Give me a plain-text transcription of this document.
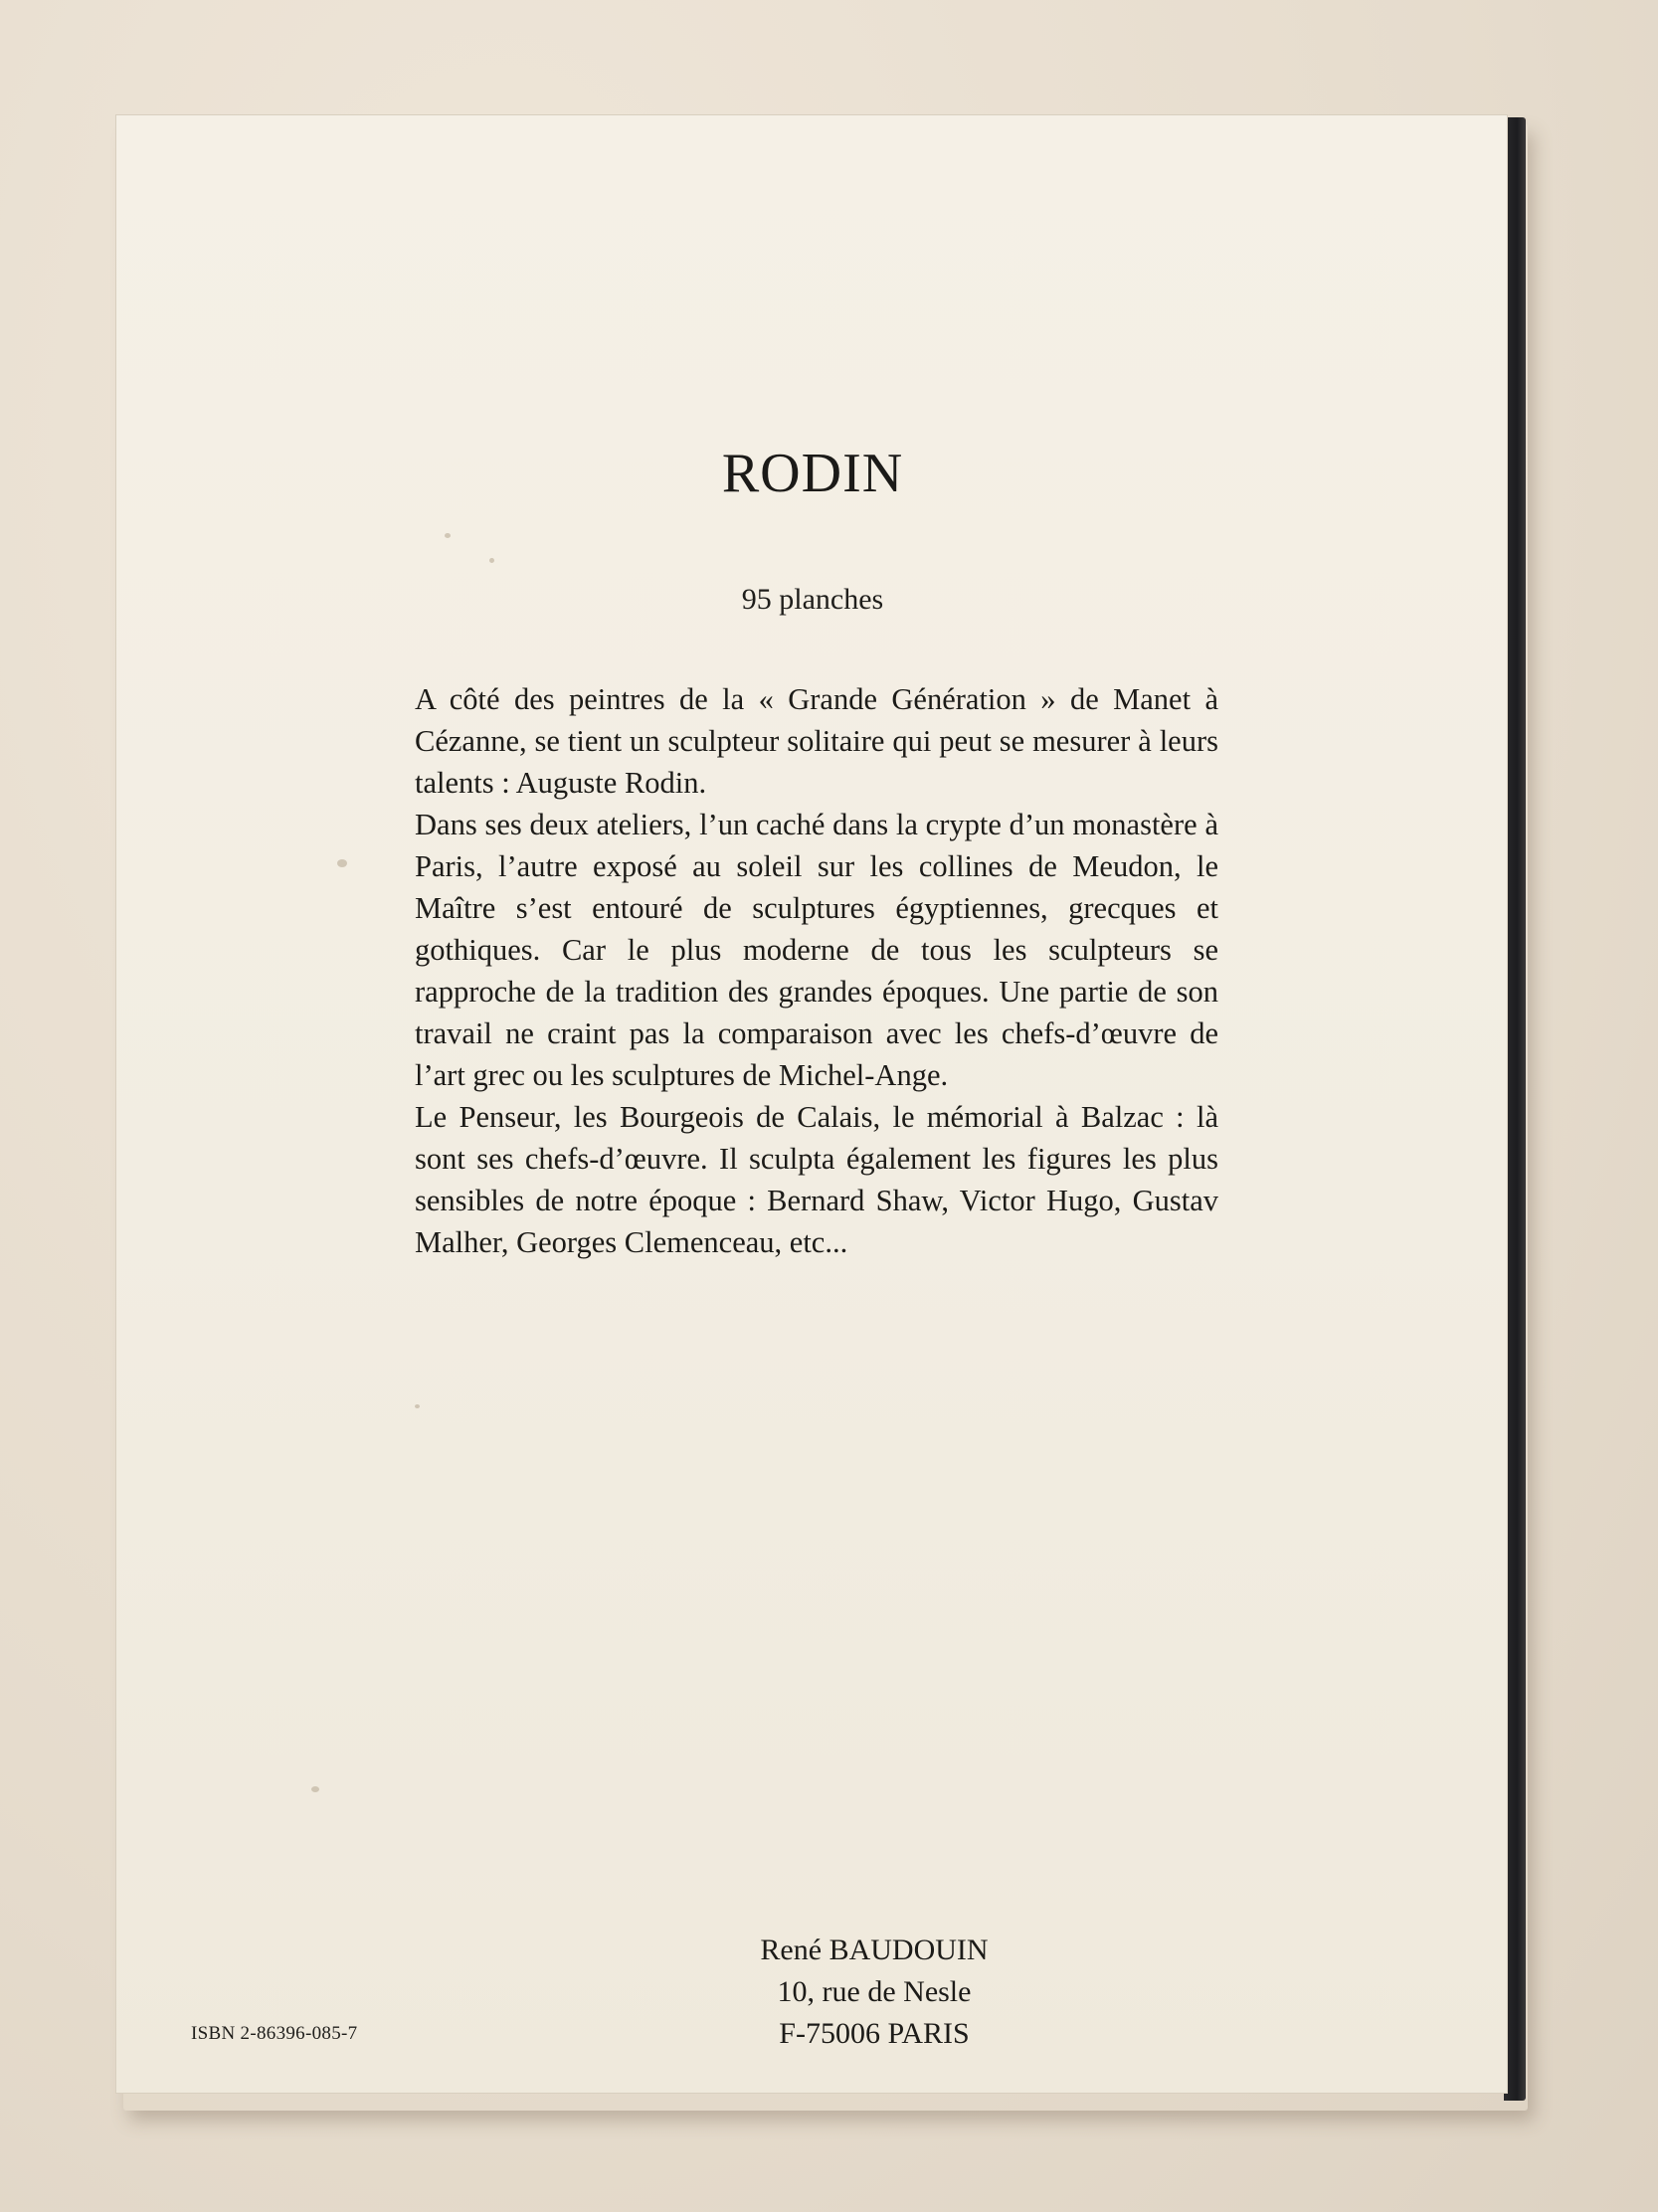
RODIN
95 planches

A côté des peintres de la « Grande Génération » de Manet à Cézanne, se tient un sculpteur solitaire qui peut se mesurer à leurs talents : Auguste Rodin.

Dans ses deux ateliers, l’un caché dans la crypte d’un monastère à Paris, l’autre exposé au soleil sur les collines de Meudon, le Maître s’est entouré de sculptures égyptiennes, grecques et gothiques. Car le plus moderne de tous les sculpteurs se rapproche de la tradition des grandes époques. Une partie de son travail ne craint pas la comparaison avec les chefs-d’œuvre de l’art grec ou les sculptures de Michel-Ange.

Le Penseur, les Bourgeois de Calais, le mémorial à Balzac : là sont ses chefs-d’œuvre. Il sculpta également les figures les plus sensibles de notre époque : Bernard Shaw, Victor Hugo, Gustav Malher, Georges Clemenceau, etc...

René BAUDOUIN
10, rue de Nesle
F-75006 PARIS
ISBN 2-86396-085-7
